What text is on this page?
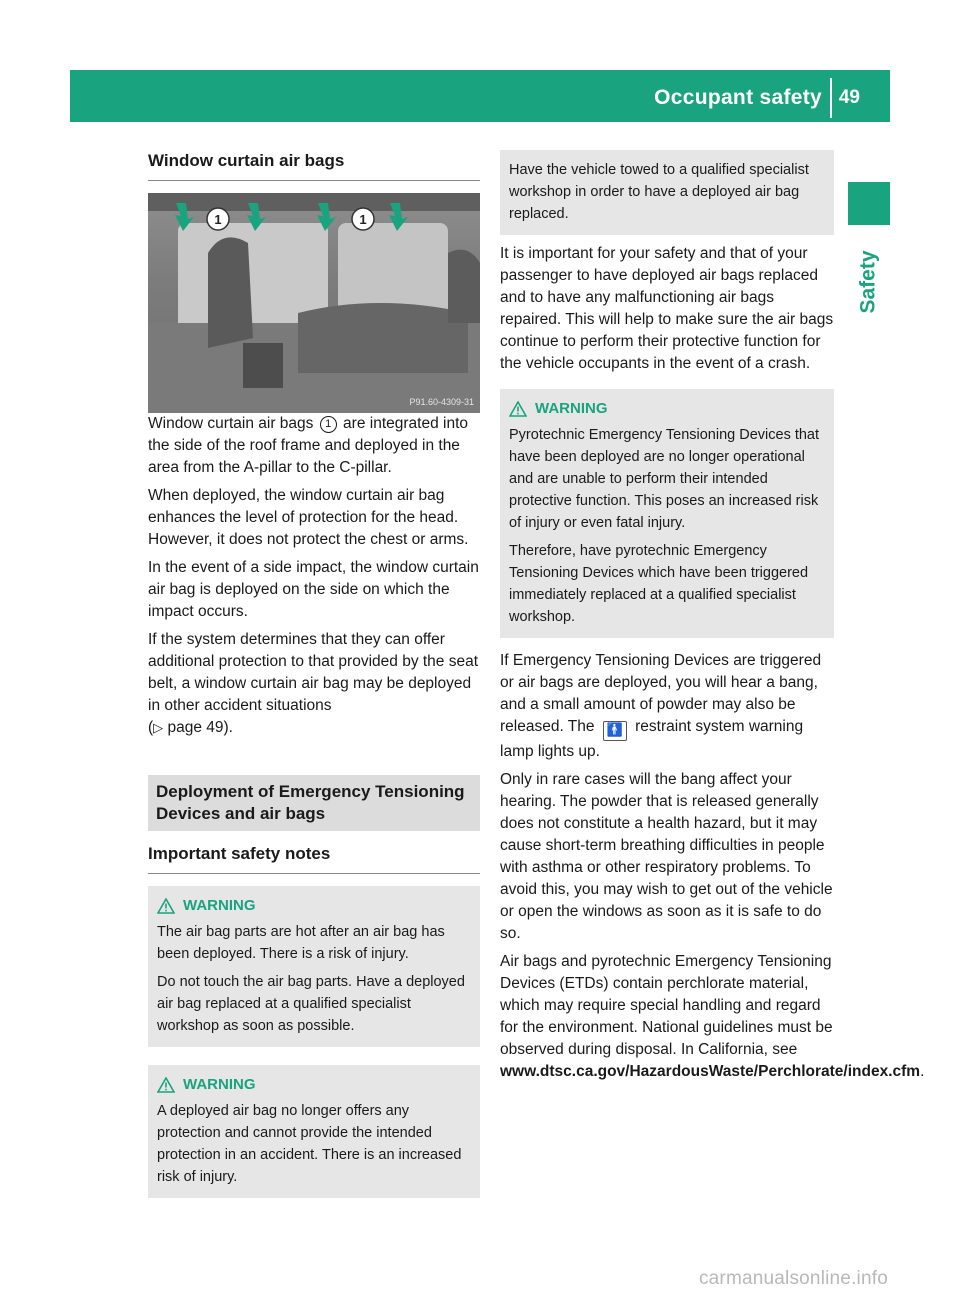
Occupant safety 49
Safety
Window curtain air bags
1	1
P91.60-4309-31

Window curtain air bags 1 are integrated into the side of the roof frame and deployed in the area from the A-pillar to the C-pillar.

When deployed, the window curtain air bag enhances the level of protection for the head. However, it does not protect the chest or arms.

In the event of a side impact, the window curtain air bag is deployed on the side on which the impact occurs.

If the system determines that they can offer additional protection to that provided by the seat belt, a window curtain air bag may be deployed in other accident situations
(▷ page 49).

Deployment of Emergency Tensioning Devices and air bags
Important safety notes
WARNING

The air bag parts are hot after an air bag has been deployed. There is a risk of injury.

Do not touch the air bag parts. Have a deployed air bag replaced at a qualified specialist workshop as soon as possible.

WARNING

A deployed air bag no longer offers any protection and cannot provide the intended protection in an accident. There is an increased risk of injury.

Have the vehicle towed to a qualified specialist workshop in order to have a deployed air bag replaced.

It is important for your safety and that of your passenger to have deployed air bags replaced and to have any malfunctioning air bags repaired. This will help to make sure the air bags continue to perform their protective function for the vehicle occupants in the event of a crash.

WARNING

Pyrotechnic Emergency Tensioning Devices that have been deployed are no longer operational and are unable to perform their intended protective function. This poses an increased risk of injury or even fatal injury.

Therefore, have pyrotechnic Emergency Tensioning Devices which have been triggered immediately replaced at a qualified specialist workshop.

If Emergency Tensioning Devices are triggered or air bags are deployed, you will hear a bang, and a small amount of powder may also be released. The 🚹 restraint system warning lamp lights up.

Only in rare cases will the bang affect your hearing. The powder that is released generally does not constitute a health hazard, but it may cause short-term breathing difficulties in people with asthma or other respiratory problems. To avoid this, you may wish to get out of the vehicle or open the windows as soon as it is safe to do so.

Air bags and pyrotechnic Emergency Tensioning Devices (ETDs) contain perchlorate material, which may require special handling and regard for the environment. National guidelines must be observed during disposal. In California, see www.dtsc.ca.gov/HazardousWaste/Perchlorate/index.cfm.

carmanualsonline.info
